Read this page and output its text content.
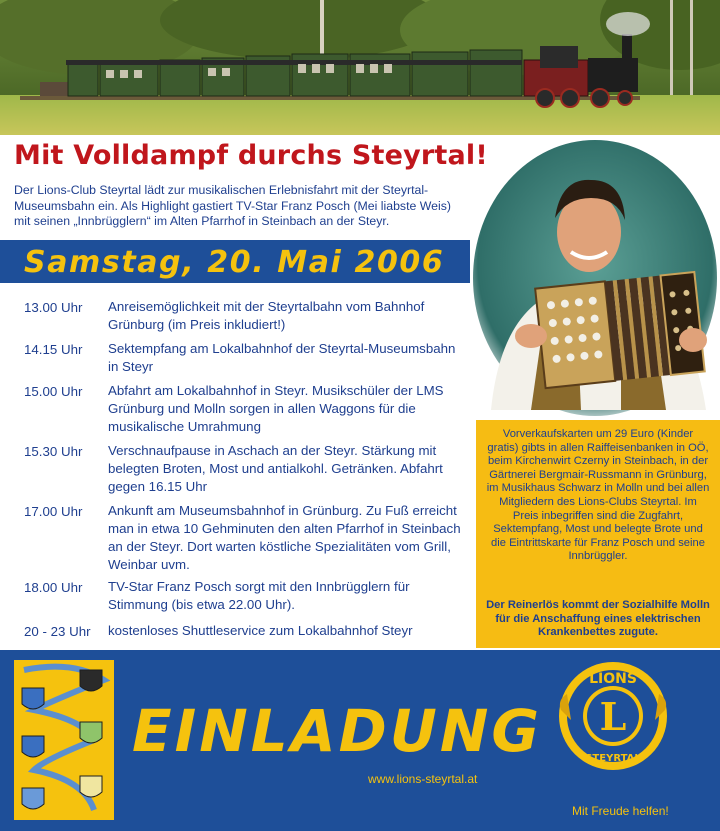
Mit Volldampf durchs Steyrtal!
Der Lions-Club Steyrtal lädt zur musikalischen Erlebnisfahrt mit der Steyrtal-Museumsbahn ein. Als Highlight gastiert TV-Star Franz Posch (Mei liabste Weis) mit seinen „Innbrügglern“ im Alten Pfarrhof in Steinbach an der Steyr.
Samstag, 20. Mai 2006
13.00 Uhr Anreisemöglichkeit mit der Steyrtalbahn vom Bahnhof Grünburg (im Preis inkludiert!)
14.15 Uhr Sektempfang am Lokalbahnhof der Steyrtal-Museumsbahn in Steyr
15.00 Uhr Abfahrt am Lokalbahnhof in Steyr. Musikschüler der LMS Grünburg und Molln sorgen in allen Waggons für die musikalische Umrahmung
15.30 Uhr Verschnaufpause in Aschach an der Steyr. Stärkung mit belegten Broten, Most und antialkohl. Getränken. Abfahrt gegen 16.15 Uhr
17.00 Uhr Ankunft am Museumsbahnhof in Grünburg. Zu Fuß erreicht man in etwa 10 Gehminuten den alten Pfarrhof in Steinbach an der Steyr. Dort warten köstliche Spezialitäten vom Grill, Weinbar uvm.
18.00 Uhr TV-Star Franz Posch sorgt mit den Innbrügglern für Stimmung (bis etwa 22.00 Uhr).
20 - 23 Uhr kostenloses Shuttleservice zum Lokalbahnhof Steyr
Vorverkaufskarten um 29 Euro (Kinder gratis) gibts in allen Raiffeisenbanken in OÖ, beim Kirchenwirt Czerny in Steinbach, in der Gärtnerei Bergmair-Russmann in Grünburg, im Musikhaus Schwarz in Molln und bei allen Mitgliedern des Lions-Clubs Steyrtal. Im Preis inbegriffen sind die Zugfahrt, Sektempfang, Most und belegte Brote und die Eintrittskarte für Franz Posch und seine Innbrüggler.
Der Reinerlös kommt der Sozialhilfe Molln für die Anschaffung eines elektrischen Krankenbettes zugute.
EINLADUNG
www.lions-steyrtal.at
L
LIONS
STEYRTAL
Mit Freude helfen!
